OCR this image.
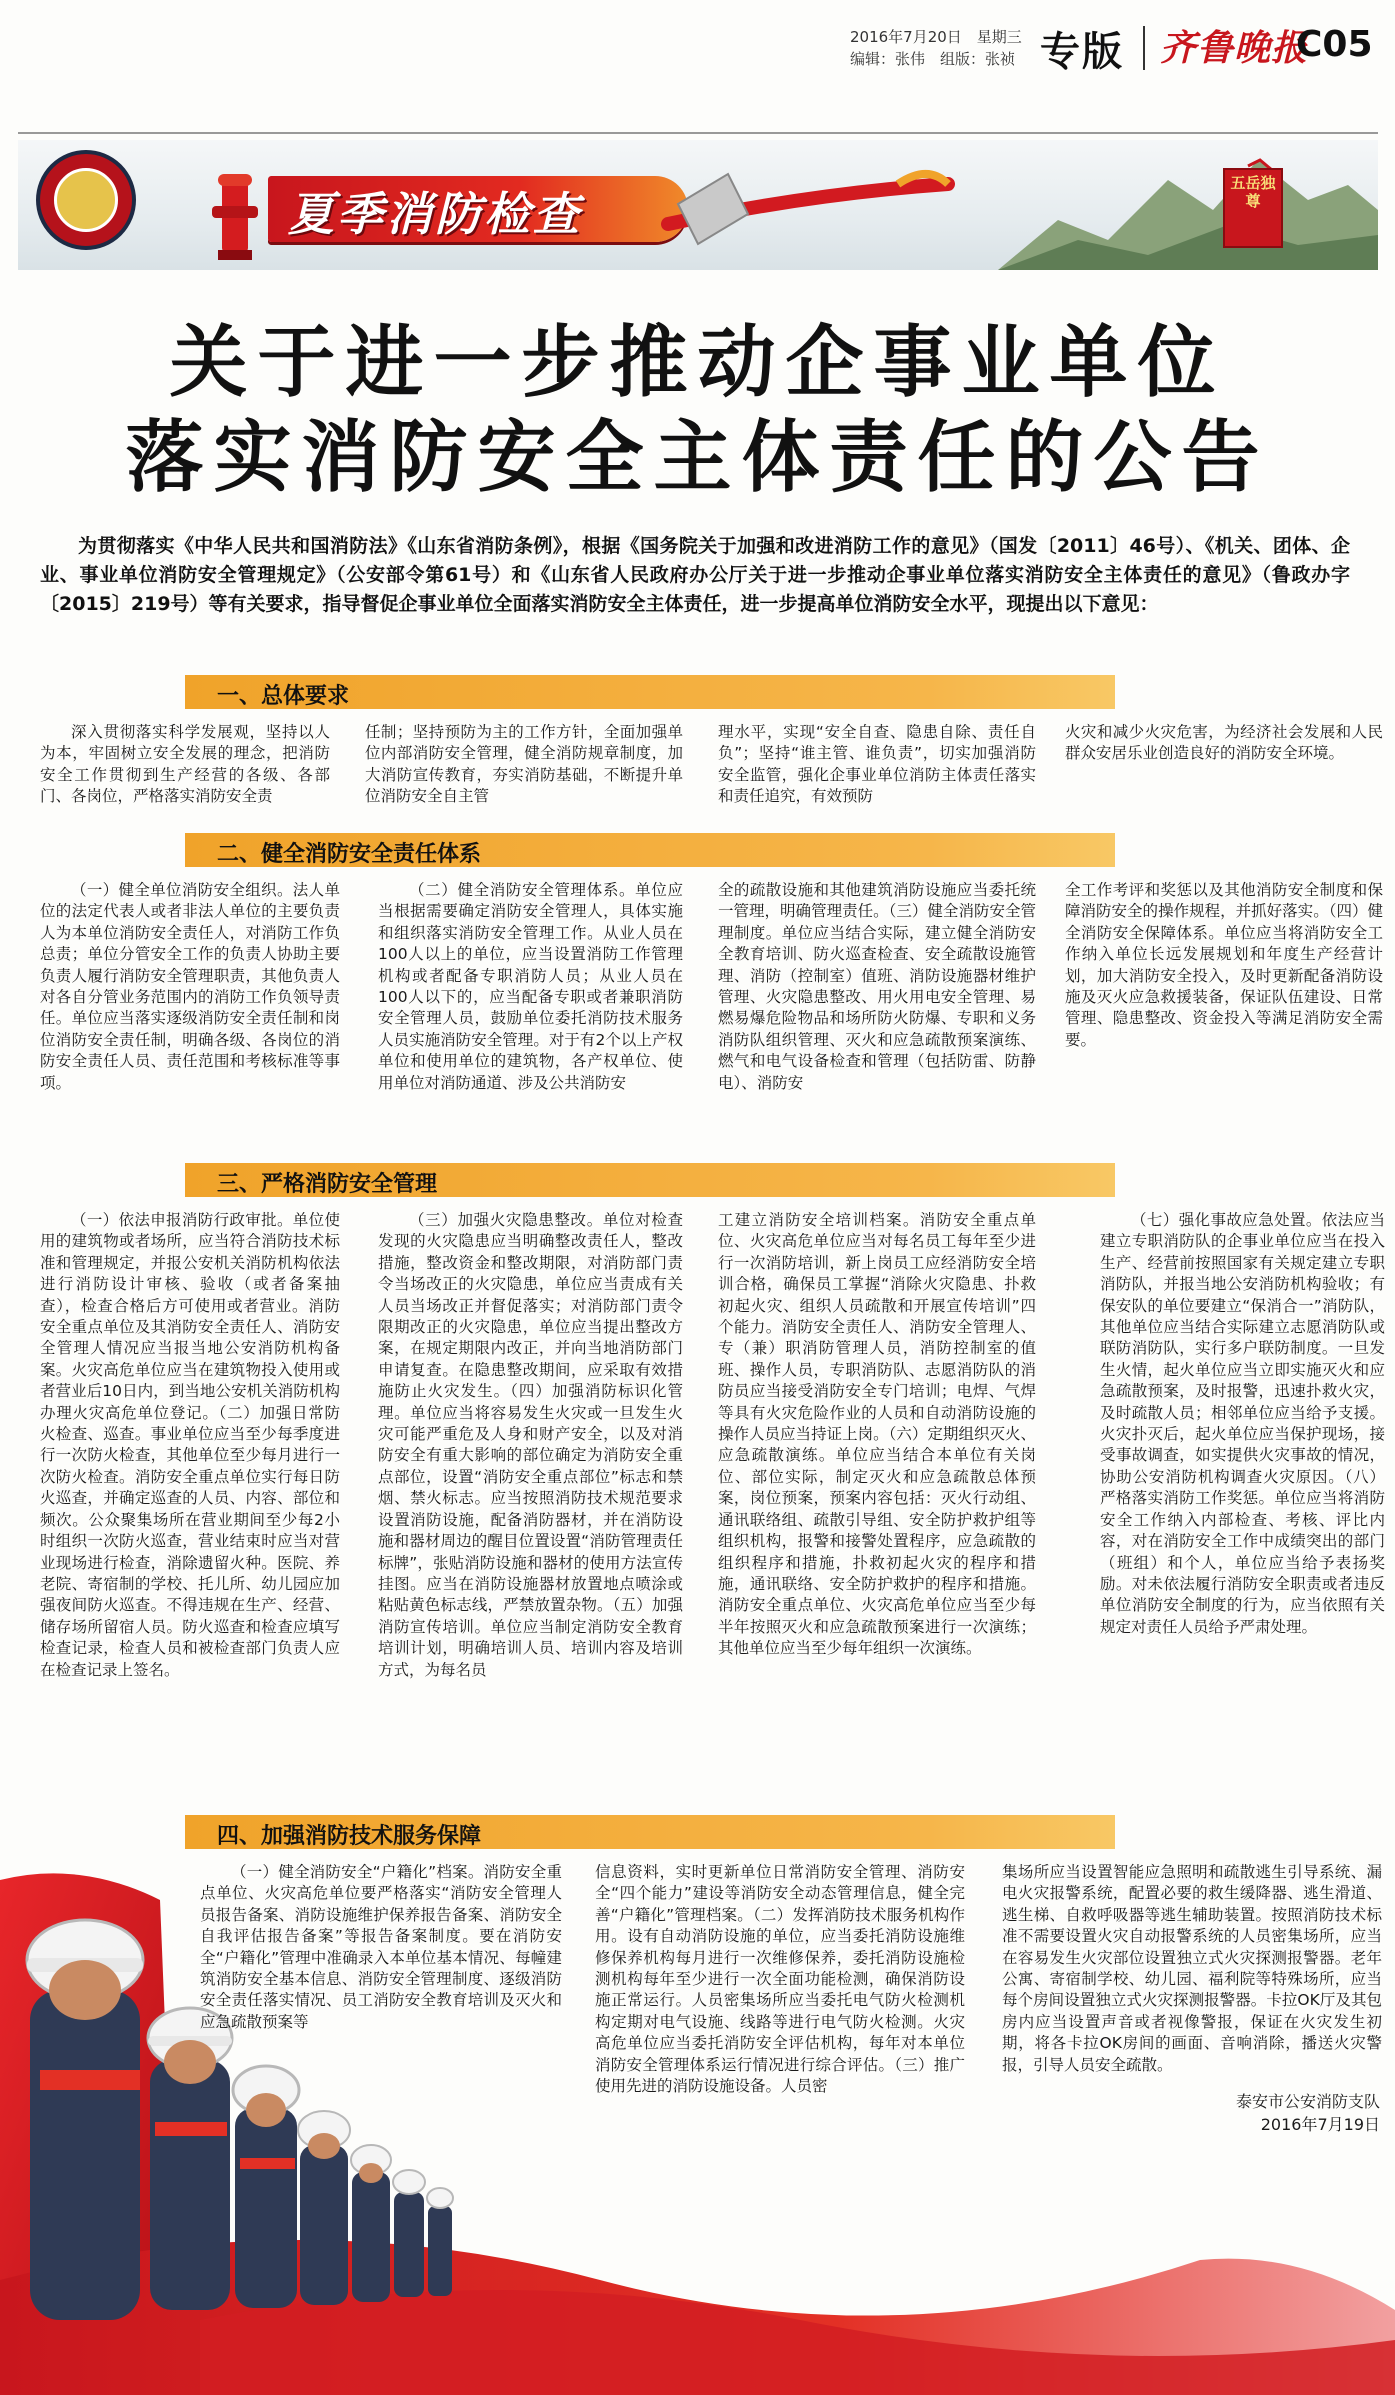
2016年7月20日　星期三
编辑：张伟　组版：张祯 专版 齐鲁晚报
C05
夏季消防检查
五岳独尊
关于进一步推动企事业单位
落实消防安全主体责任的公告
为贯彻落实《中华人民共和国消防法》《山东省消防条例》，根据《国务院关于加强和改进消防工作的意见》（国发〔2011〕46号）、《机关、团体、企业、事业单位消防安全管理规定》（公安部令第61号）和《山东省人民政府办公厅关于进一步推动企事业单位落实消防安全主体责任的意见》（鲁政办字〔2015〕219号）等有关要求，指导督促企事业单位全面落实消防安全主体责任，进一步提高单位消防安全水平，现提出以下意见：
一、总体要求

深入贯彻落实科学发展观，坚持以人为本，牢固树立安全发展的理念，把消防安全工作贯彻到生产经营的各级、各部门、各岗位，严格落实消防安全责

任制；坚持预防为主的工作方针，全面加强单位内部消防安全管理，健全消防规章制度，加大消防宣传教育，夯实消防基础，不断提升单位消防安全自主管

理水平，实现“安全自查、隐患自除、责任自负”；坚持“谁主管、谁负责”，切实加强消防安全监管，强化企事业单位消防主体责任落实和责任追究，有效预防

火灾和减少火灾危害，为经济社会发展和人民群众安居乐业创造良好的消防安全环境。

二、健全消防安全责任体系

（一）健全单位消防安全组织。法人单位的法定代表人或者非法人单位的主要负责人为本单位消防安全责任人，对消防工作负总责；单位分管安全工作的负责人协助主要负责人履行消防安全管理职责，其他负责人对各自分管业务范围内的消防工作负领导责任。单位应当落实逐级消防安全责任制和岗位消防安全责任制，明确各级、各岗位的消防安全责任人员、责任范围和考核标准等事项。

（二）健全消防安全管理体系。单位应当根据需要确定消防安全管理人，具体实施和组织落实消防安全管理工作。从业人员在100人以上的单位，应当设置消防工作管理机构或者配备专职消防人员；从业人员在100人以下的，应当配备专职或者兼职消防安全管理人员，鼓励单位委托消防技术服务人员实施消防安全管理。对于有2个以上产权单位和使用单位的建筑物，各产权单位、使用单位对消防通道、涉及公共消防安

全的疏散设施和其他建筑消防设施应当委托统一管理，明确管理责任。（三）健全消防安全管理制度。单位应当结合实际，建立健全消防安全教育培训、防火巡查检查、安全疏散设施管理、消防（控制室）值班、消防设施器材维护管理、火灾隐患整改、用火用电安全管理、易燃易爆危险物品和场所防火防爆、专职和义务消防队组织管理、灭火和应急疏散预案演练、燃气和电气设备检查和管理（包括防雷、防静电）、消防安

全工作考评和奖惩以及其他消防安全制度和保障消防安全的操作规程，并抓好落实。（四）健全消防安全保障体系。单位应当将消防安全工作纳入单位长远发展规划和年度生产经营计划，加大消防安全投入，及时更新配备消防设施及灭火应急救援装备，保证队伍建设、日常管理、隐患整改、资金投入等满足消防安全需要。

三、严格消防安全管理

（一）依法申报消防行政审批。单位使用的建筑物或者场所，应当符合消防技术标准和管理规定，并报公安机关消防机构依法进行消防设计审核、验收（或者备案抽查），检查合格后方可使用或者营业。消防安全重点单位及其消防安全责任人、消防安全管理人情况应当报当地公安消防机构备案。火灾高危单位应当在建筑物投入使用或者营业后10日内，到当地公安机关消防机构办理火灾高危单位登记。（二）加强日常防火检查、巡查。事业单位应当至少每季度进行一次防火检查，其他单位至少每月进行一次防火检查。消防安全重点单位实行每日防火巡查，并确定巡查的人员、内容、部位和频次。公众聚集场所在营业期间至少每2小时组织一次防火巡查，营业结束时应当对营业现场进行检查，消除遗留火种。医院、养老院、寄宿制的学校、托儿所、幼儿园应加强夜间防火巡查。不得违规在生产、经营、储存场所留宿人员。防火巡查和检查应填写检查记录，检查人员和被检查部门负责人应在检查记录上签名。

（三）加强火灾隐患整改。单位对检查发现的火灾隐患应当明确整改责任人，整改措施，整改资金和整改期限，对消防部门责令当场改正的火灾隐患，单位应当责成有关人员当场改正并督促落实；对消防部门责令限期改正的火灾隐患，单位应当提出整改方案，在规定期限内改正，并向当地消防部门申请复查。在隐患整改期间，应采取有效措施防止火灾发生。（四）加强消防标识化管理。单位应当将容易发生火灾或一旦发生火灾可能严重危及人身和财产安全，以及对消防安全有重大影响的部位确定为消防安全重点部位，设置“消防安全重点部位”标志和禁烟、禁火标志。应当按照消防技术规范要求设置消防设施，配备消防器材，并在消防设施和器材周边的醒目位置设置“消防管理责任标牌”，张贴消防设施和器材的使用方法宣传挂图。应当在消防设施器材放置地点喷涂或粘贴黄色标志线，严禁放置杂物。（五）加强消防宣传培训。单位应当制定消防安全教育培训计划，明确培训人员、培训内容及培训方式，为每名员

工建立消防安全培训档案。消防安全重点单位、火灾高危单位应当对每名员工每年至少进行一次消防培训，新上岗员工应经消防安全培训合格，确保员工掌握“消除火灾隐患、扑救初起火灾、组织人员疏散和开展宣传培训”四个能力。消防安全责任人、消防安全管理人、专（兼）职消防管理人员，消防控制室的值班、操作人员，专职消防队、志愿消防队的消防员应当接受消防安全专门培训；电焊、气焊等具有火灾危险作业的人员和自动消防设施的操作人员应当持证上岗。（六）定期组织灭火、应急疏散演练。单位应当结合本单位有关岗位、部位实际，制定灭火和应急疏散总体预案，岗位预案，预案内容包括：灭火行动组、通讯联络组、疏散引导组、安全防护救护组等组织机构，报警和接警处置程序，应急疏散的组织程序和措施，扑救初起火灾的程序和措施，通讯联络、安全防护救护的程序和措施。消防安全重点单位、火灾高危单位应当至少每半年按照灭火和应急疏散预案进行一次演练；其他单位应当至少每年组织一次演练。

（七）强化事故应急处置。依法应当建立专职消防队的企事业单位应当在投入生产、经营前按照国家有关规定建立专职消防队，并报当地公安消防机构验收；有保安队的单位要建立“保消合一”消防队，其他单位应当结合实际建立志愿消防队或联防消防队，实行多户联防制度。一旦发生火情，起火单位应当立即实施灭火和应急疏散预案，及时报警，迅速扑救火灾，及时疏散人员；相邻单位应当给予支援。火灾扑灭后，起火单位应当保护现场，接受事故调查，如实提供火灾事故的情况，协助公安消防机构调查火灾原因。（八）严格落实消防工作奖惩。单位应当将消防安全工作纳入内部检查、考核、评比内容，对在消防安全工作中成绩突出的部门（班组）和个人，单位应当给予表扬奖励。对未依法履行消防安全职责或者违反单位消防安全制度的行为，应当依照有关规定对责任人员给予严肃处理。

四、加强消防技术服务保障

（一）健全消防安全“户籍化”档案。消防安全重点单位、火灾高危单位要严格落实“消防安全管理人员报告备案、消防设施维护保养报告备案、消防安全自我评估报告备案”等报告备案制度。要在消防安全“户籍化”管理中准确录入本单位基本情况、每幢建筑消防安全基本信息、消防安全管理制度、逐级消防安全责任落实情况、员工消防安全教育培训及灭火和应急疏散预案等

信息资料，实时更新单位日常消防安全管理、消防安全“四个能力”建设等消防安全动态管理信息，健全完善“户籍化”管理档案。（二）发挥消防技术服务机构作用。设有自动消防设施的单位，应当委托消防设施维修保养机构每月进行一次维修保养，委托消防设施检测机构每年至少进行一次全面功能检测，确保消防设施正常运行。人员密集场所应当委托电气防火检测机构定期对电气设施、线路等进行电气防火检测。火灾高危单位应当委托消防安全评估机构，每年对本单位消防安全管理体系运行情况进行综合评估。（三）推广使用先进的消防设施设备。人员密

集场所应当设置智能应急照明和疏散逃生引导系统、漏电火灾报警系统，配置必要的救生缓降器、逃生滑道、逃生梯、自救呼吸器等逃生辅助装置。按照消防技术标准不需要设置火灾自动报警系统的人员密集场所，应当在容易发生火灾部位设置独立式火灾探测报警器。老年公寓、寄宿制学校、幼儿园、福利院等特殊场所，应当每个房间设置独立式火灾探测报警器。卡拉OK厅及其包房内应当设置声音或者视像警报，保证在火灾发生初期，将各卡拉OK房间的画面、音响消除，播送火灾警报，引导人员安全疏散。

泰安市公安消防支队
2016年7月19日
